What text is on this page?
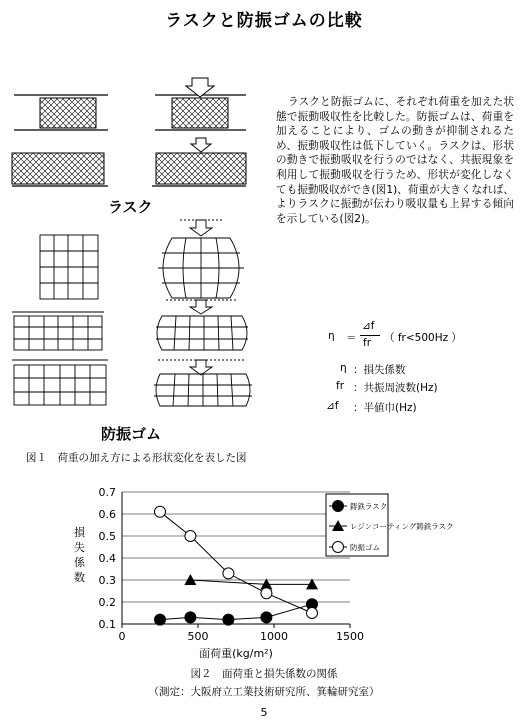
ラスクと防振ゴムの比較
ラスク
防振ゴム
ラスクと防振ゴムに、それぞれ荷重を加えた状態で振動吸収性を比較した。防振ゴムは、荷重を加えることにより、ゴムの動きが抑制されるため、振動吸収性は低下していく。ラスクは、形状の動きで振動吸収を行うのではなく、共振現象を利用して振動吸収を行うため、形状が変化しなくても振動吸収ができ(図1)、荷重が大きくなれば、よりラスクに振動が伝わり吸収量も上昇する傾向を示している(図2)。
η ＝
⊿f
fr （ fr<500Hz ）
η ：損失係数
fr ：共振周波数(Hz)
⊿f ：半値巾(Hz)
図１　荷重の加え方による形状変化を表した図
0.1
0.2
0.3
0.4
0.5
0.6
0.7
0	500	1000	1500
鋳鉄ラスク
レジンコーティング鋳鉄ラスク
防振ゴム
損失係数
面荷重(kg/m²)
図２　面荷重と損失係数の関係
（測定：大阪府立工業技術研究所、箕輪研究室）
5
